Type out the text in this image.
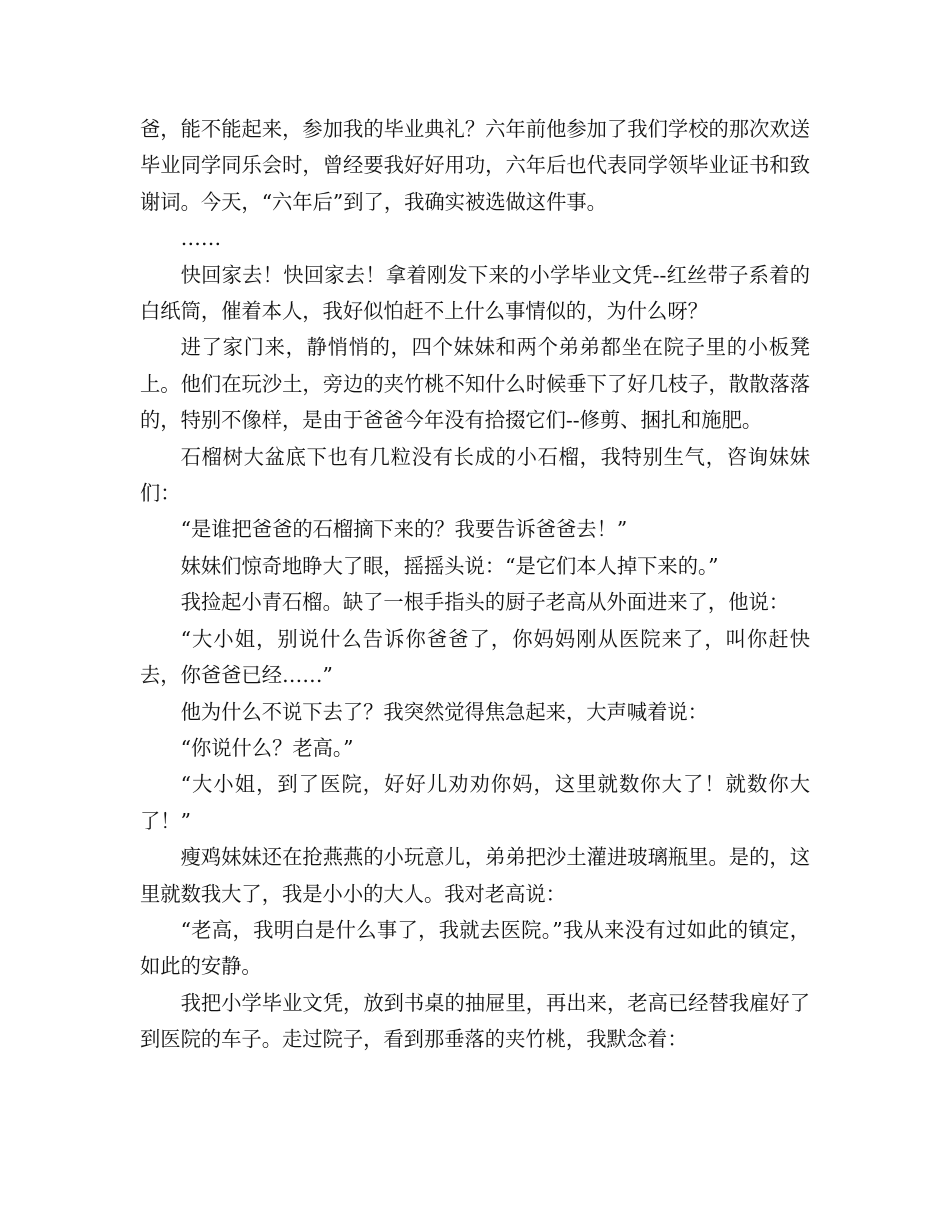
爸，能不能起来，参加我的毕业典礼？六年前他参加了我们学校的那次欢送毕业同学同乐会时，曾经要我好好用功，六年后也代表同学领毕业证书和致谢词。今天，“六年后”到了，我确实被选做这件事。

……

快回家去！快回家去！拿着刚发下来的小学毕业文凭--红丝带子系着的白纸筒，催着本人，我好似怕赶不上什么事情似的，为什么呀？

进了家门来，静悄悄的，四个妹妹和两个弟弟都坐在院子里的小板凳上。他们在玩沙土，旁边的夹竹桃不知什么时候垂下了好几枝子，散散落落的，特别不像样，是由于爸爸今年没有拾掇它们--修剪、捆扎和施肥。

石榴树大盆底下也有几粒没有长成的小石榴，我特别生气，咨询妹妹们：

“是谁把爸爸的石榴摘下来的？我要告诉爸爸去！”

妹妹们惊奇地睁大了眼，摇摇头说：“是它们本人掉下来的。”

我捡起小青石榴。缺了一根手指头的厨子老高从外面进来了，他说：

“大小姐，别说什么告诉你爸爸了，你妈妈刚从医院来了，叫你赶快去，你爸爸已经……”

他为什么不说下去了？我突然觉得焦急起来，大声喊着说：

“你说什么？老高。”

“大小姐，到了医院，好好儿劝劝你妈，这里就数你大了！就数你大了！”

瘦鸡妹妹还在抢燕燕的小玩意儿，弟弟把沙土灌进玻璃瓶里。是的，这里就数我大了，我是小小的大人。我对老高说：

“老高，我明白是什么事了，我就去医院。”我从来没有过如此的镇定，如此的安静。

我把小学毕业文凭，放到书桌的抽屉里，再出来，老高已经替我雇好了到医院的车子。走过院子，看到那垂落的夹竹桃，我默念着：
